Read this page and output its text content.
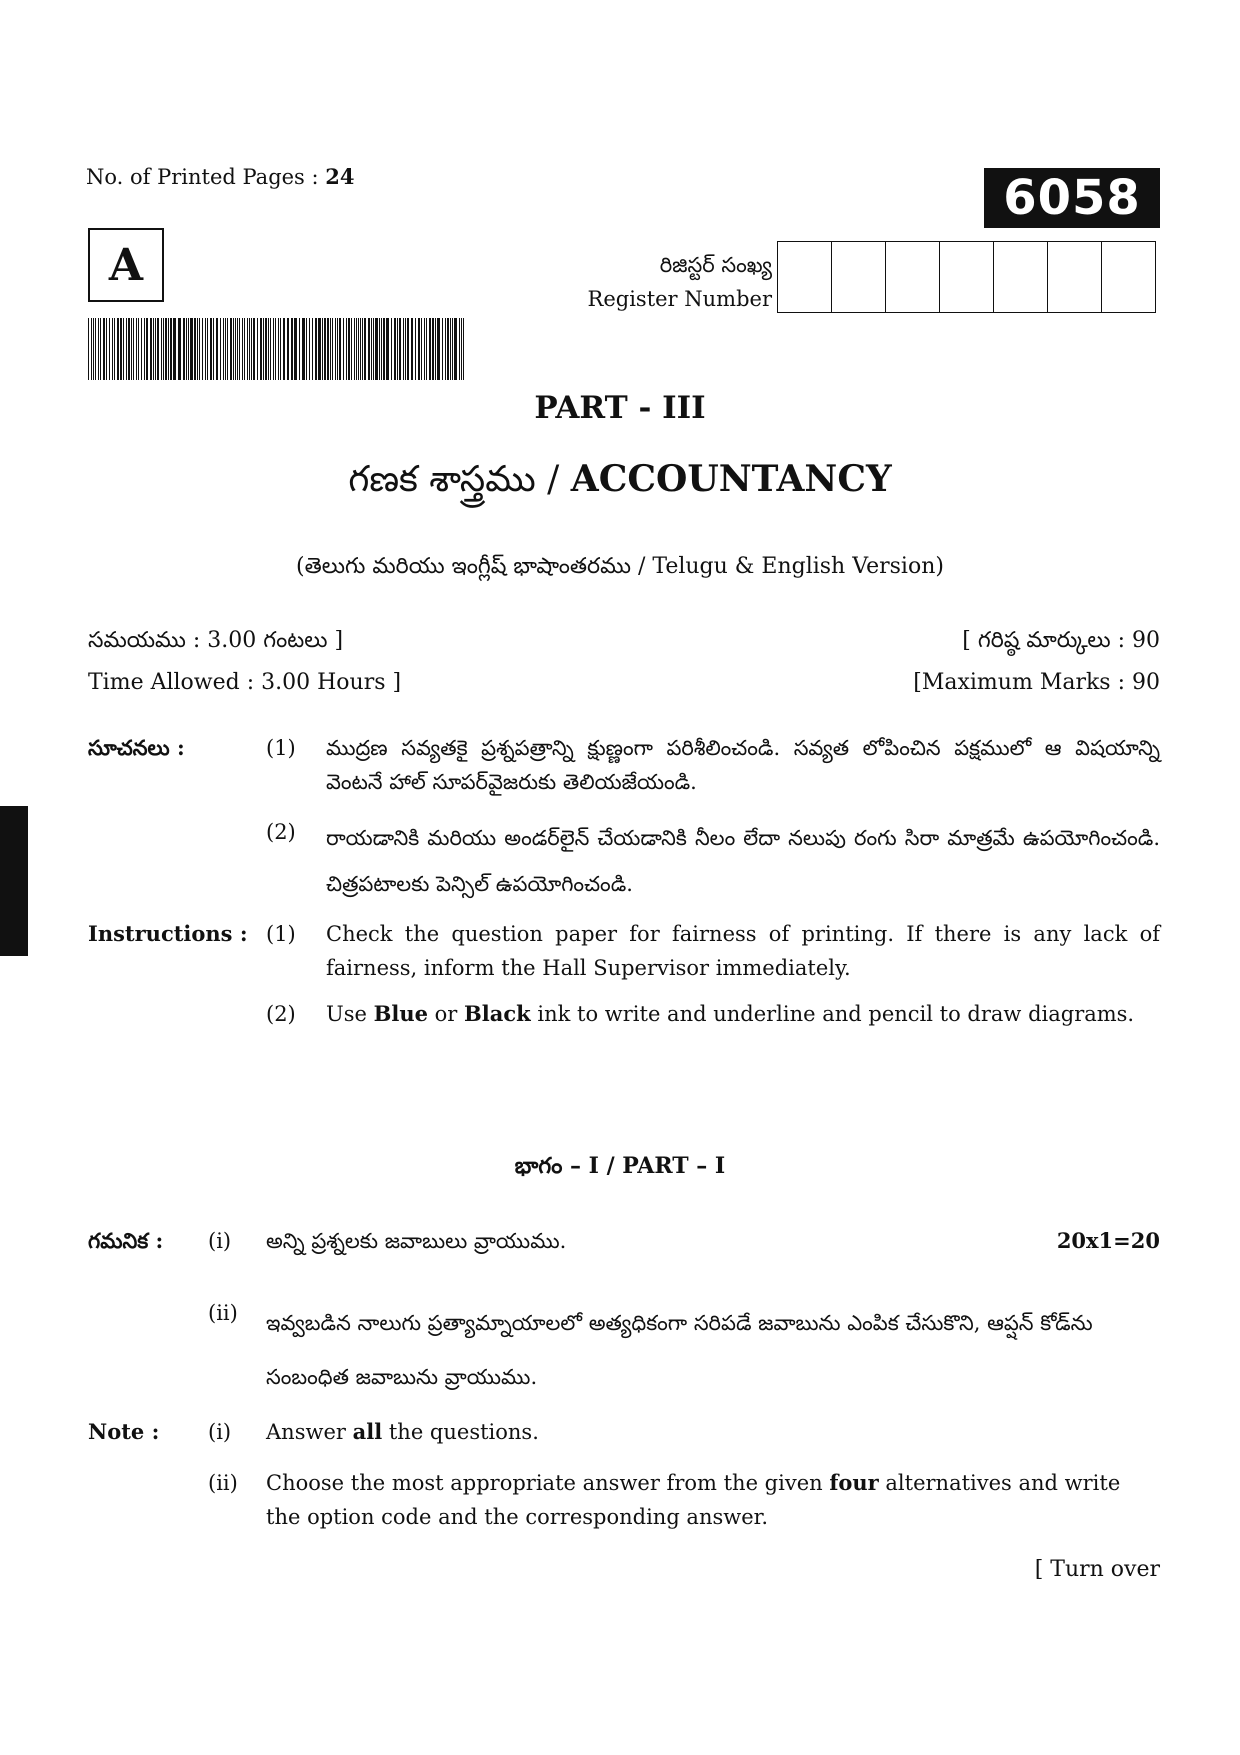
No. of Printed Pages : 24	6058
A	రిజిస్టర్ సంఖ్య
Register Number
PART - III
గణక శాస్త్రము / ACCOUNTANCY
(తెలుగు మరియు ఇంగ్లీష్ భాషాంతరము / Telugu & English Version)
సమయము : 3.00 గంటలు ]	[ గరిష్ఠ మార్కులు : 90
Time Allowed : 3.00 Hours ]	[Maximum Marks : 90
సూచనలు :	(1) ముద్రణ సవ్యతకై ప్రశ్నపత్రాన్ని క్షుణ్ణంగా పరిశీలించండి. సవ్యత లోపించిన పక్షములో ఆ విషయాన్ని వెంటనే హాల్ సూపర్‌వైజరుకు తెలియజేయండి.
(2) రాయడానికి మరియు అండర్‌లైన్ చేయడానికి నీలం లేదా నలుపు రంగు సిరా మాత్రమే ఉపయోగించండి. చిత్రపటాలకు పెన్సిల్ ఉపయోగించండి.
Instructions : (1) Check the question paper for fairness of printing. If there is any lack of fairness, inform the Hall Supervisor immediately.
(2) Use Blue or Black ink to write and underline and pencil to draw diagrams.
భాగం – I / PART – I
గమనిక : (i) అన్ని ప్రశ్నలకు జవాబులు వ్రాయుము.	20x1=20
(ii) ఇవ్వబడిన నాలుగు ప్రత్యామ్నాయాలలో అత్యధికంగా సరిపడే జవాబును ఎంపిక చేసుకొని, ఆప్షన్ కోడ్‌ను సంబంధిత జవాబును వ్రాయుము.
Note : (i) Answer all the questions.
(ii) Choose the most appropriate answer from the given four alternatives and write the option code and the corresponding answer.
[ Turn over
